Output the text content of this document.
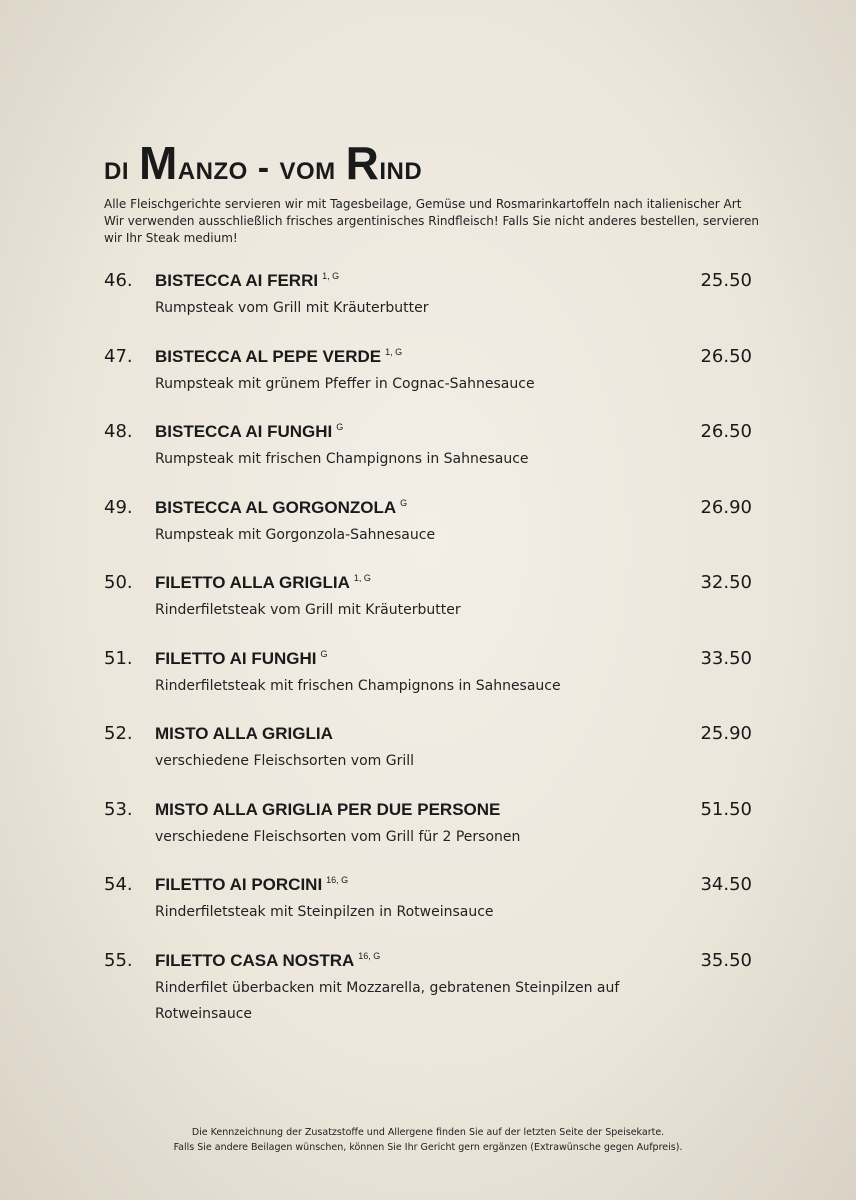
di Manzo - vom Rind
Alle Fleischgerichte servieren wir mit Tagesbeilage, Gemüse und Rosmarinkartoffeln nach italienischer Art
Wir verwenden ausschließlich frisches argentinisches Rindfleisch! Falls Sie nicht anderes bestellen, servieren wir Ihr Steak medium!
46. BISTECCA AI FERRI $^{1, G}$
Rumpsteak vom Grill mit Kräuterbutter
25.50
47. BISTECCA AL PEPE VERDE $^{1, G}$
Rumpsteak mit grünem Pfeffer in Cognac-Sahnesauce
26.50
48. BISTECCA AI FUNGHI $^G$
Rumpsteak mit frischen Champignons in Sahnesauce
26.50
49. BISTECCA AL GORGONZOLA $^G$
Rumpsteak mit Gorgonzola-Sahnesauce
26.90
50. FILETTO ALLA GRIGLIA $^{1, G}$
Rinderfiletsteak vom Grill mit Kräuterbutter
32.50
51. FILETTO AI FUNGHI $^G$
Rinderfiletsteak mit frischen Champignons in Sahnesauce
33.50
52. MISTO ALLA GRIGLIA
verschiedene Fleischsorten vom Grill
25.90
53. MISTO ALLA GRIGLIA PER DUE PERSONE
verschiedene Fleischsorten vom Grill für 2 Personen
51.50
54. FILETTO AI PORCINI $^{16, G}$
Rinderfiletsteak mit Steinpilzen in Rotweinsauce
34.50
55. FILETTO CASA NOSTRA $^{16, G}$
Rinderfilet überbacken mit Mozzarella, gebratenen Steinpilzen auf Rotweinsauce
35.50
Die Kennzeichnung der Zusatzstoffe und Allergene finden Sie auf der letzten Seite der Speisekarte.
Falls Sie andere Beilagen wünschen, können Sie Ihr Gericht gern ergänzen (Extrawünsche gegen Aufpreis).
